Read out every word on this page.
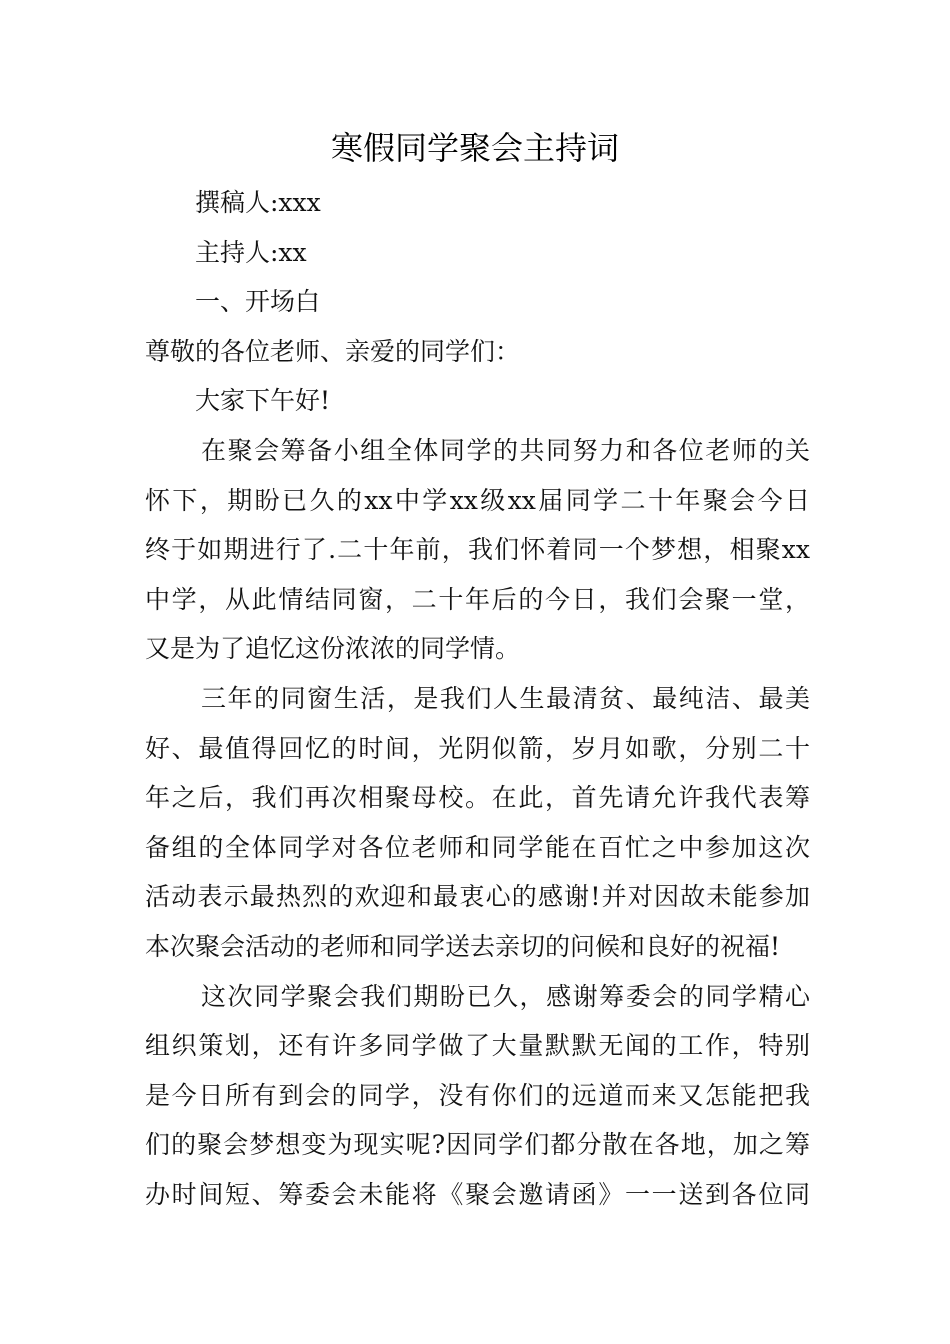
寒假同学聚会主持词
撰稿人:xxx
主持人:xx
一、开场白
尊敬的各位老师、亲爱的同学们：
大家下午好!
在聚会筹备小组全体同学的共同努力和各位老师的关
怀下，期盼已久的xx中学xx级xx届同学二十年聚会今日
终于如期进行了.二十年前，我们怀着同一个梦想，相聚xx
中学，从此情结同窗，二十年后的今日，我们会聚一堂，
又是为了追忆这份浓浓的同学情。
三年的同窗生活，是我们人生最清贫、最纯洁、最美
好、最值得回忆的时间，光阴似箭，岁月如歌，分别二十
年之后，我们再次相聚母校。在此，首先请允许我代表筹
备组的全体同学对各位老师和同学能在百忙之中参加这次
活动表示最热烈的欢迎和最衷心的感谢!并对因故未能参加
本次聚会活动的老师和同学送去亲切的问候和良好的祝福!
这次同学聚会我们期盼已久，感谢筹委会的同学精心
组织策划，还有许多同学做了大量默默无闻的工作，特别
是今日所有到会的同学，没有你们的远道而来又怎能把我
们的聚会梦想变为现实呢?因同学们都分散在各地，加之筹
办时间短、筹委会未能将《聚会邀请函》一一送到各位同
